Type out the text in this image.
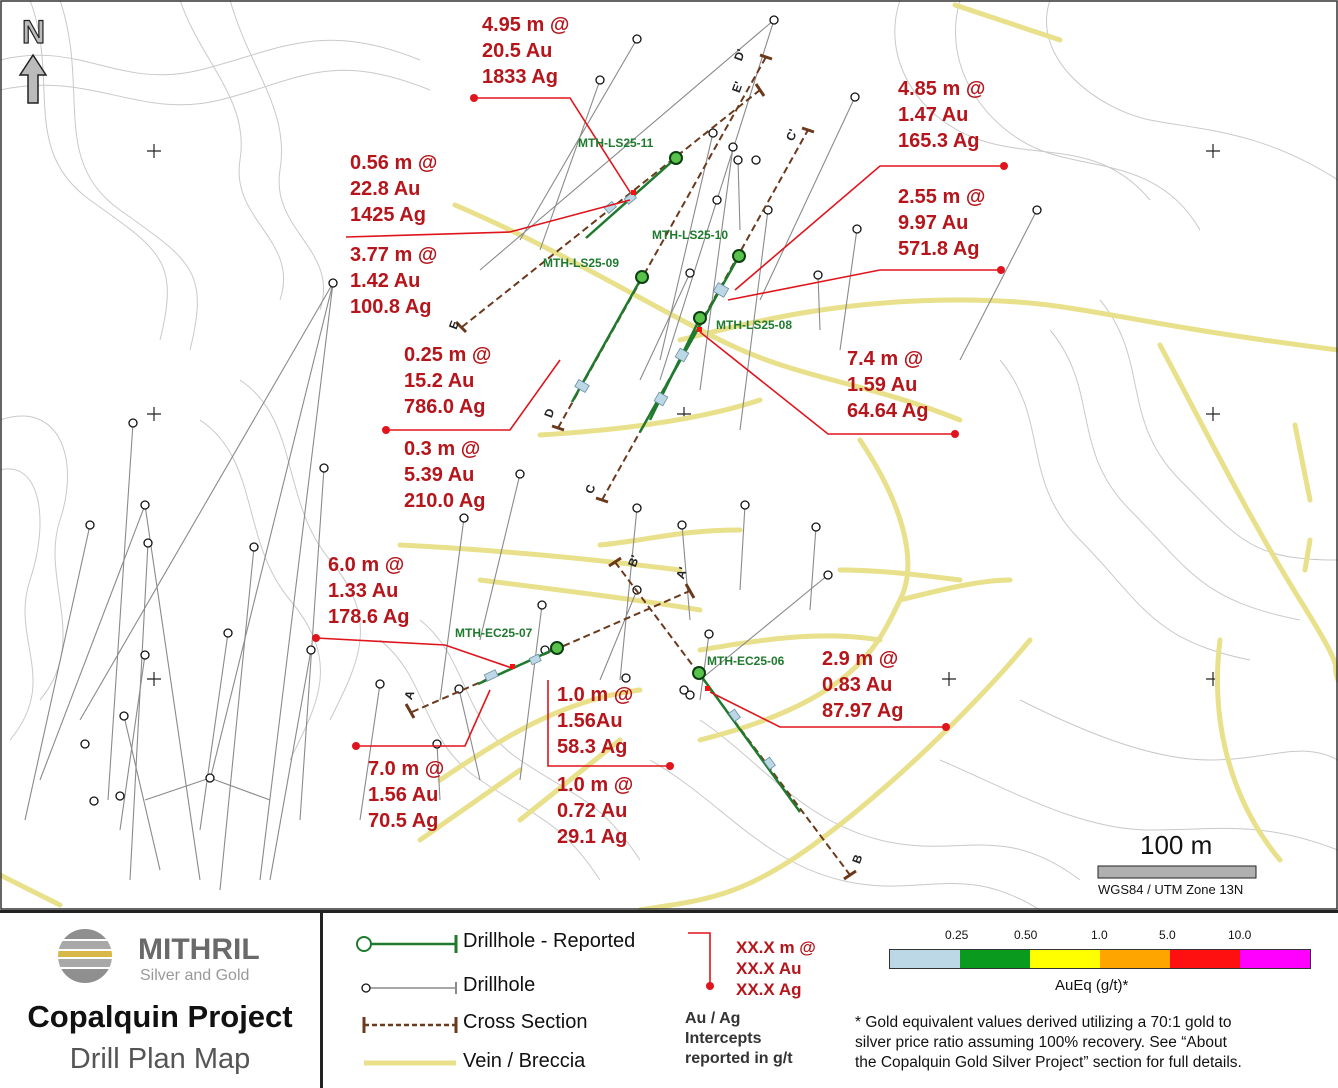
N
100 m
WGS84 / UTM Zone 13N
MTH-LS25-11
MTH-LS25-10
MTH-LS25-09
MTH-LS25-08
MTH-EC25-07
MTH-EC25-06
A
A'
B
B'
C
C'
D
D'
E
E'
4.95 m @
20.5 Au
1833 Ag
0.56 m @
22.8 Au
1425 Ag
3.77 m @
1.42 Au
100.8 Ag
0.25 m @
15.2 Au
786.0 Ag
0.3 m @
5.39 Au
210.0 Ag
4.85 m @
1.47 Au
165.3 Ag
2.55 m @
9.97 Au
571.8 Ag
7.4 m @
1.59 Au
64.64 Ag
6.0 m @
1.33 Au
178.6 Ag
7.0 m @
1.56 Au
70.5 Ag
1.0 m @
1.56Au
58.3 Ag
1.0 m @
0.72 Au
29.1 Ag
2.9 m @
0.83 Au
87.97 Ag
MITHRIL
Silver and Gold
Copalquin Project
Drill Plan Map
Drillhole - Reported
Drillhole
Cross Section
Vein / Breccia
XX.X m @
XX.X Au
XX.X Ag
Au / Ag
Intercepts
reported in g/t
0.25	0.50	1.0	5.0	10.0
AuEq (g/t)*
* Gold equivalent values derived utilizing a 70:1 gold to
silver price ratio assuming 100% recovery. See “About
the Copalquin Gold Silver Project” section for full details.
